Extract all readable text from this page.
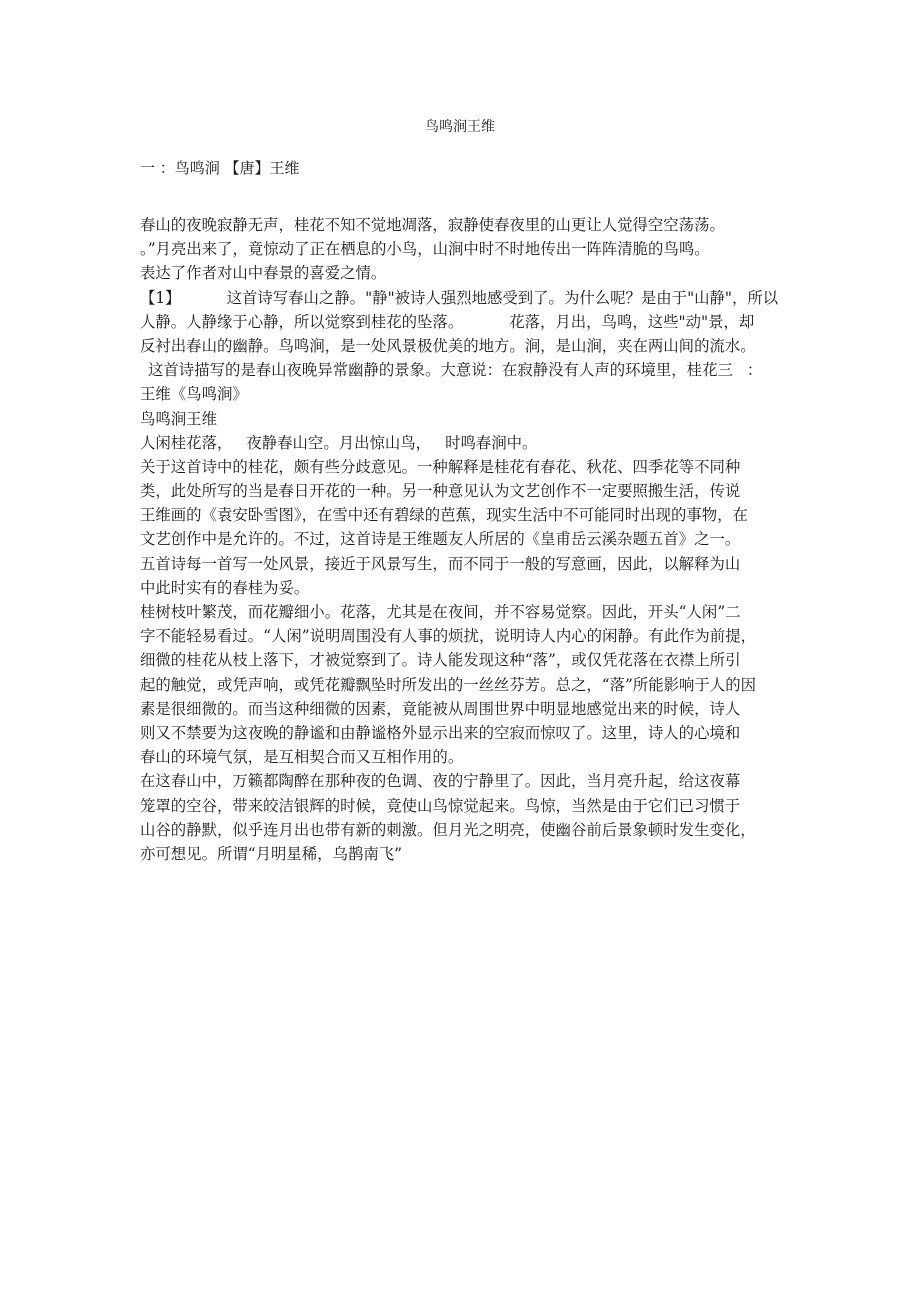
鸟鸣涧王维
一 ：鸟鸣涧 【唐】王维
春山的夜晚寂静无声，桂花不知不觉地凋落，寂静使春夜里的山更让人觉得空空荡荡。
。”月亮出来了，竟惊动了正在栖息的小鸟，山涧中时不时地传出一阵阵清脆的鸟鸣。
表达了作者对山中春景的喜爱之情。
【1】	这首诗写春山之静。"静"被诗人强烈地感受到了。为什么呢？是由于"山静"，所以
人静。人静缘于心静，所以觉察到桂花的坠落。	花落，月出，鸟鸣，这些"动"景，却
反衬出春山的幽静。鸟鸣涧，是一处风景极优美的地方。涧，是山涧，夹在两山间的流水。
这首诗描写的是春山夜晚异常幽静的景象。大意说：在寂静没有人声的环境里，桂花三 ：
王维《鸟鸣涧》
鸟鸣涧王维
人闲桂花落， 夜静春山空。月出惊山鸟， 时鸣春涧中。
关于这首诗中的桂花，颇有些分歧意见。一种解释是桂花有春花、秋花、四季花等不同种
类，此处所写的当是春日开花的一种。另一种意见认为文艺创作不一定要照搬生活，传说
王维画的《袁安卧雪图》，在雪中还有碧绿的芭蕉，现实生活中不可能同时出现的事物，在
文艺创作中是允许的。不过，这首诗是王维题友人所居的《皇甫岳云溪杂题五首》之一。
五首诗每一首写一处风景，接近于风景写生，而不同于一般的写意画，因此，以解释为山
中此时实有的春桂为妥。
桂树枝叶繁茂，而花瓣细小。花落，尤其是在夜间，并不容易觉察。因此，开头“人闲”二
字不能轻易看过。“人闲”说明周围没有人事的烦扰，说明诗人内心的闲静。有此作为前提，
细微的桂花从枝上落下，才被觉察到了。诗人能发现这种“落”，或仅凭花落在衣襟上所引
起的触觉，或凭声响，或凭花瓣飘坠时所发出的一丝丝芬芳。总之，“落”所能影响于人的因
素是很细微的。而当这种细微的因素，竟能被从周围世界中明显地感觉出来的时候，诗人
则又不禁要为这夜晚的静谧和由静谧格外显示出来的空寂而惊叹了。这里，诗人的心境和
春山的环境气氛，是互相契合而又互相作用的。
在这春山中，万籁都陶醉在那种夜的色调、夜的宁静里了。因此，当月亮升起，给这夜幕
笼罩的空谷，带来皎洁银辉的时候，竟使山鸟惊觉起来。鸟惊，当然是由于它们已习惯于
山谷的静默，似乎连月出也带有新的刺激。但月光之明亮，使幽谷前后景象顿时发生变化，
亦可想见。所谓“月明星稀，乌鹊南飞”
